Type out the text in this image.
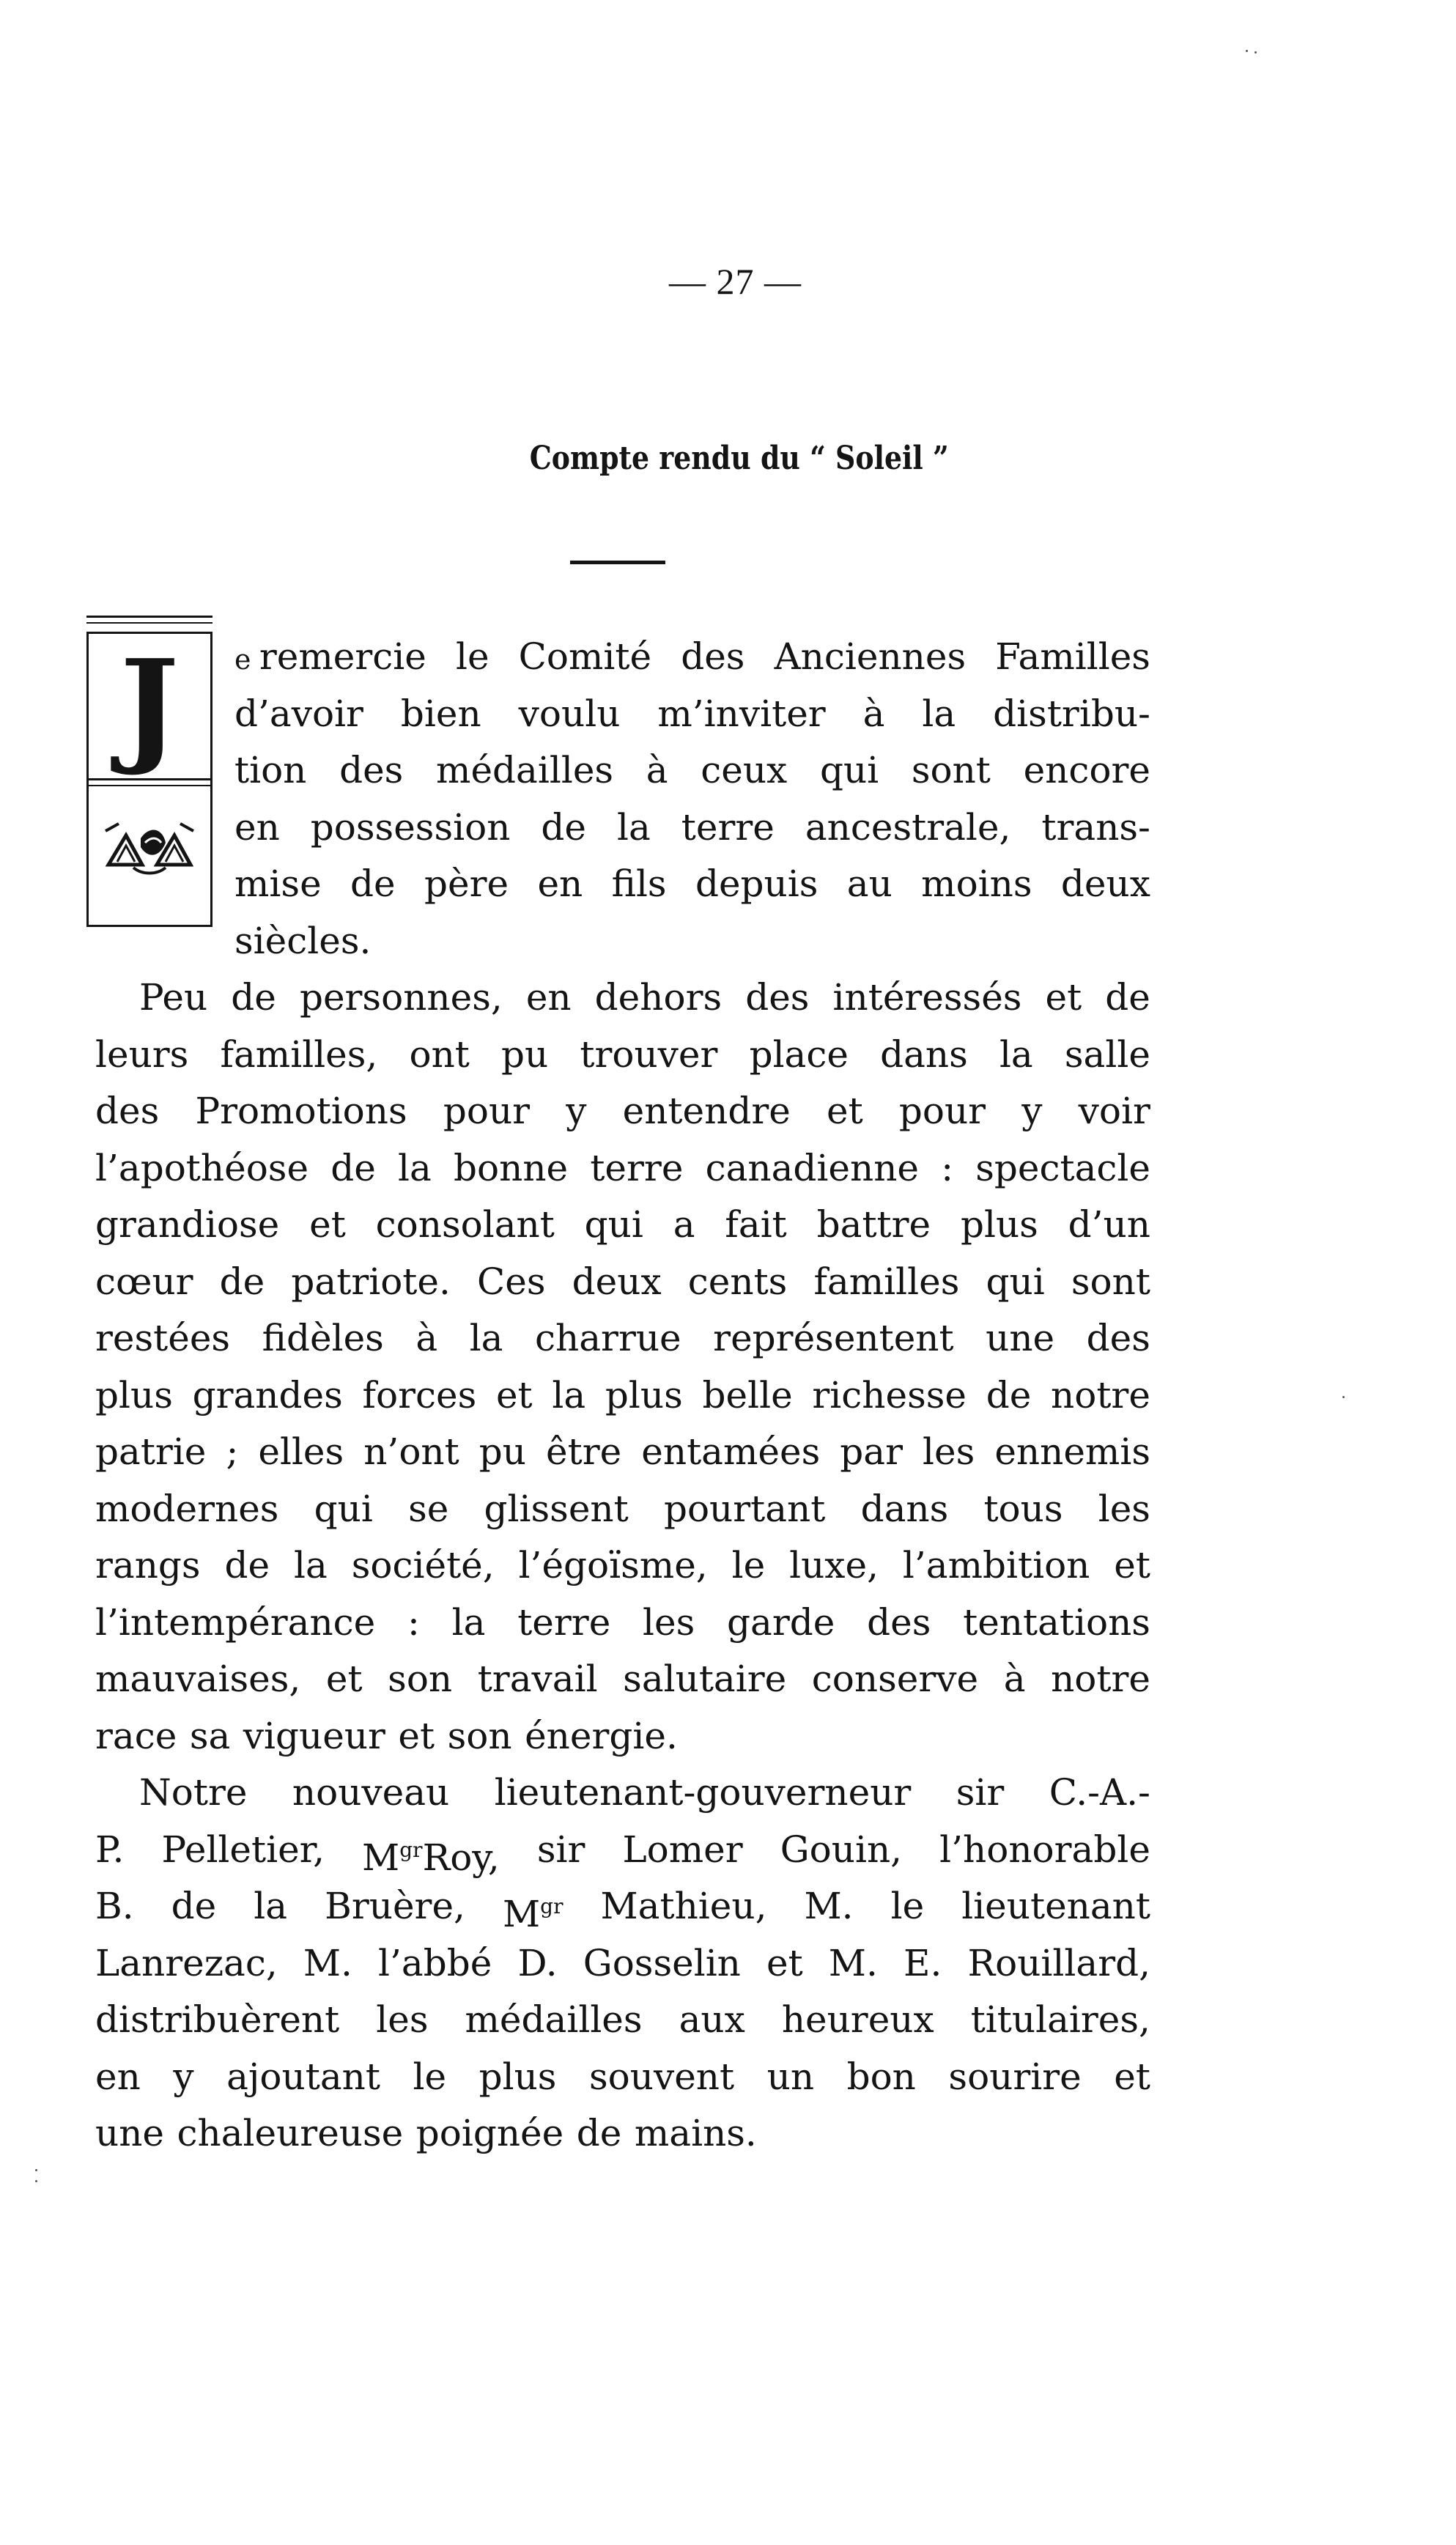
— 27 —
Compte rendu du “ Soleil ”
J	e remercie le Comité des Anciennes Familles
d’avoir bien voulu m’inviter à la distribu-
tion des médailles à ceux qui sont encore
en possession de la terre ancestrale, trans-
mise de père en fils depuis au moins deux
siècles.
Peu de personnes, en dehors des intéressés et de
leurs familles, ont pu trouver place dans la salle
des Promotions pour y entendre et pour y voir
l’apothéose de la bonne terre canadienne : spectacle
grandiose et consolant qui a fait battre plus d’un
cœur de patriote. Ces deux cents familles qui sont
restées fidèles à la charrue représentent une des
plus grandes forces et la plus belle richesse de notre
patrie ; elles n’ont pu être entamées par les ennemis
modernes qui se glissent pourtant dans tous les
rangs de la société, l’égoïsme, le luxe, l’ambition et
l’intempérance : la terre les garde des tentations
mauvaises, et son travail salutaire conserve à notre
race sa vigueur et son énergie.
Notre nouveau lieutenant-gouverneur sir C.-A.-
P. Pelletier, $M^{gr}Roy$, sir Lomer Gouin, l’honorable
B. de la Bruère, $M^{gr}$ Mathieu, M. le lieutenant
Lanrezac, M. l’abbé D. Gosselin et M. E. Rouillard,
distribuèrent les médailles aux heureux titulaires,
en y ajoutant le plus souvent un bon sourire et
une chaleureuse poignée de mains.
